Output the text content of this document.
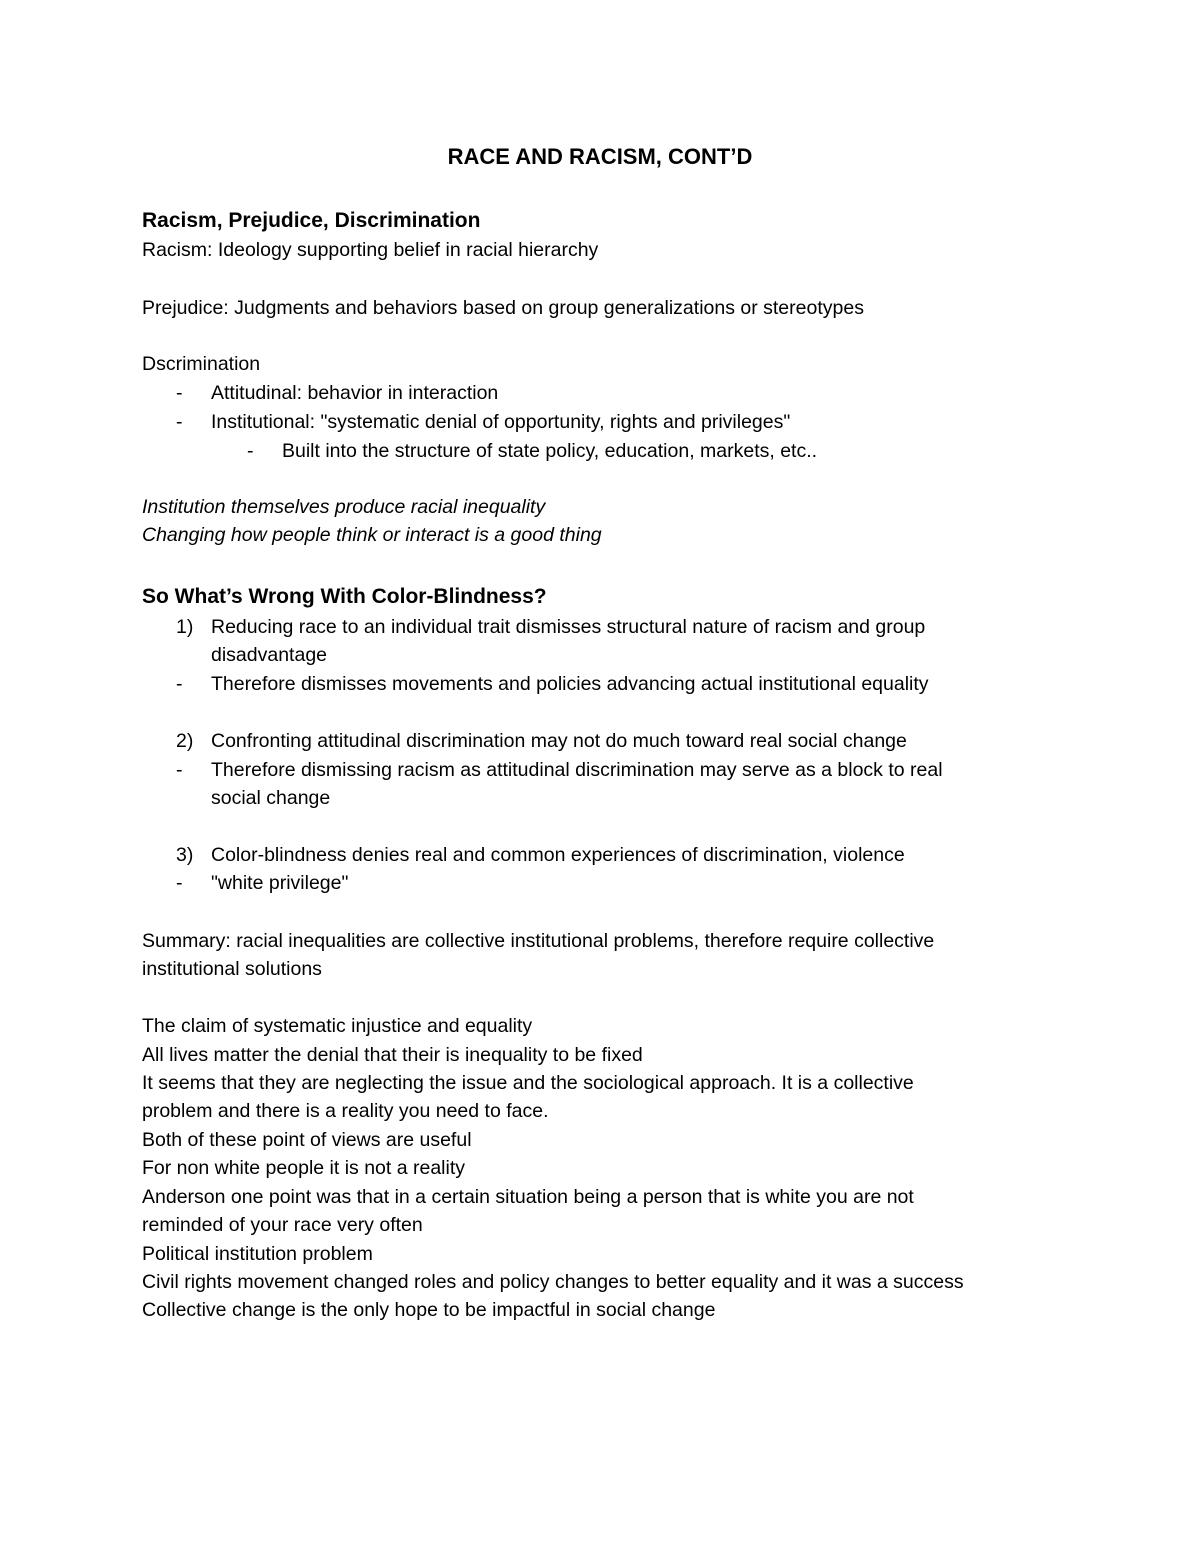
RACE AND RACISM, CONT’D
Racism, Prejudice, Discrimination
Racism: Ideology supporting belief in racial hierarchy
Prejudice: Judgments and behaviors based on group generalizations or stereotypes
Dscrimination
- Attitudinal: behavior in interaction
- Institutional: "systematic denial of opportunity, rights and privileges"
- Built into the structure of state policy, education, markets, etc..
Institution themselves produce racial inequality
Changing how people think or interact is a good thing
So What’s Wrong With Color-Blindness?
1) Reducing race to an individual trait dismisses structural nature of racism and group
disadvantage
- Therefore dismisses movements and policies advancing actual institutional equality
2) Confronting attitudinal discrimination may not do much toward real social change
- Therefore dismissing racism as attitudinal discrimination may serve as a block to real
social change
3) Color-blindness denies real and common experiences of discrimination, violence
- "white privilege"
Summary: racial inequalities are collective institutional problems, therefore require collective
institutional solutions
The claim of systematic injustice and equality
All lives matter the denial that their is inequality to be fixed
It seems that they are neglecting the issue and the sociological approach. It is a collective
problem and there is a reality you need to face.
Both of these point of views are useful
For non white people it is not a reality
Anderson one point was that in a certain situation being a person that is white you are not
reminded of your race very often
Political institution problem
Civil rights movement changed roles and policy changes to better equality and it was a success
Collective change is the only hope to be impactful in social change
